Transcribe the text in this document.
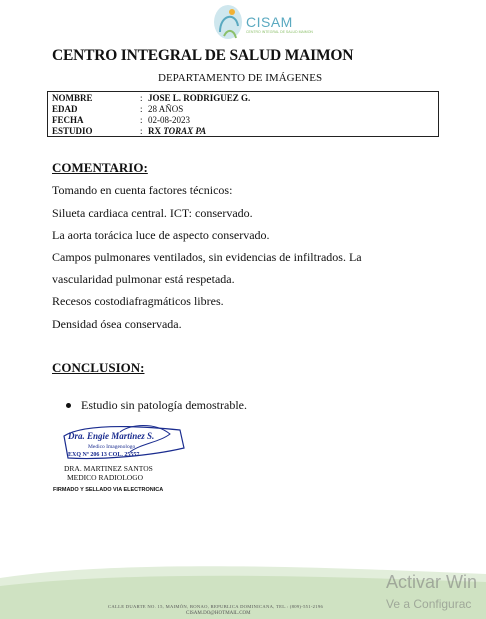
CISAM
CENTRO INTEGRAL DE SALUD MAIMON
CENTRO INTEGRAL DE SALUD MAIMON
DEPARTAMENTO DE IMÁGENES
NOMBRE	: JOSE L. RODRIGUEZ G.
EDAD	: 28 AÑOS
FECHA	: 02-08-2023
ESTUDIO	: RX TORAX PA
COMENTARIO:
Tomando en cuenta factores técnicos:
Silueta cardiaca central. ICT: conservado.
La aorta torácica luce de aspecto conservado.
Campos pulmonares ventilados, sin evidencias de infiltrados. La
vascularidad pulmonar está respetada.
Recesos costodiafragmáticos libres.
Densidad ósea conservada.
CONCLUSION:
Estudio sin patología demostrable.
Dra. Engie Martinez S.
Medico Imagenologo
EXQ Nº 206 13 COL. 25557
DRA. MARTINEZ SANTOS
MEDICO RADIOLOGO
FIRMADO Y SELLADO VIA ELECTRONICA
CALLE DUARTE NO. 15, MAIMÓN, BONAO, REPUBLICA DOMINICANA, TEL.: (809)-551-2196
CISAM.DO@HOTMAIL.COM
Activar Win
Ve a Configurac
